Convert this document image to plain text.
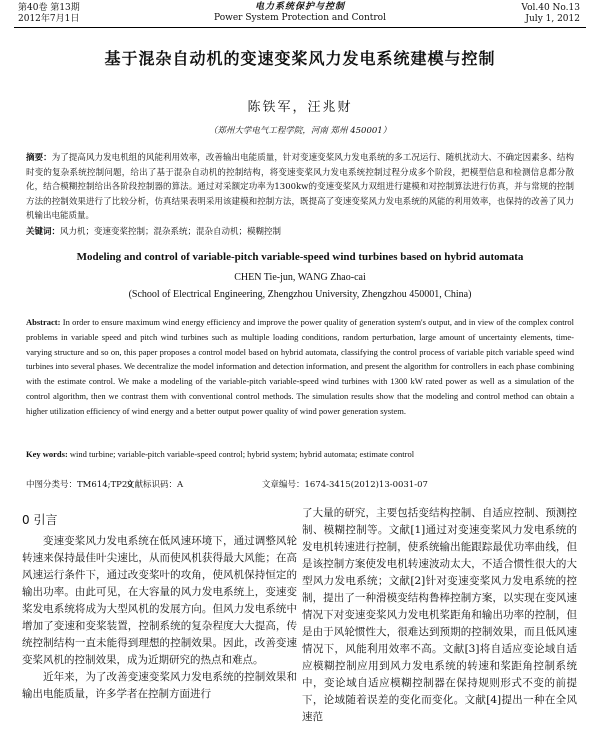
第40卷 第13期
2012年7月1日
电力系统保护与控制
Power System Protection and Control
Vol.40 No.13
July 1, 2012
基于混杂自动机的变速变桨风力发电系统建模与控制
陈铁军，汪兆财
（郑州大学电气工程学院，河南 郑州 450001）
摘要：为了提高风力发电机组的风能利用效率，改善输出电能质量，针对变速变桨风力发电系统的多工况运行、随机扰动大、不确定因素多、结构时变的复杂系统控制问题，给出了基于混杂自动机的控制结构，将变速变桨风力发电系统控制过程分成多个阶段，把模型信息和检测信息都分散化，结合模糊控制给出各阶段控制器的算法。通过对采额定功率为1300kw的变速变桨风力双组进行建模和对控制算法进行仿真，并与常规的控制方法的控制效果进行了比较分析，仿真结果表明采用该建模和控制方法，既提高了变速变桨风力发电系统的风能的利用效率，也保持的改善了风力机输出电能质量。
关键词：风力机；变速变桨控制；混杂系统；混杂自动机；模糊控制
Modeling and control of variable-pitch variable-speed wind turbines based on hybrid automata
CHEN Tie-jun, WANG Zhao-cai
(School of Electrical Engineering, Zhengzhou University, Zhengzhou 450001, China)
Abstract: In order to ensure maximum wind energy efficiency and improve the power quality of generation system's output, and in view of the complex control problems in variable speed and pitch wind turbines such as multiple loading conditions, random perturbation, large amount of uncertainty elements, time-varying structure and so on, this paper proposes a control model based on hybrid automata, classifying the control process of variable pitch variable speed wind turbines into several phases. We decentralize the model information and detection information, and present the algorithm for controllers in each phase combining with the estimate control. We make a modeling of the variable-pitch variable-speed wind turbines with 1300 kW rated power as well as a simulation of the control algorithm, then we contrast them with conventional control methods. The simulation results show that the modeling and control method can obtain a higher utilization efficiency of wind energy and a better output power quality of wind power generation system.
Key words: wind turbine; variable-pitch variable-speed control; hybrid system; hybrid automata; estimate control
中图分类号：TM614;TP29
文献标识码：A	文章编号：1674-3415(2012)13-0031-07
0 引言

变速变桨风力发电系统在低风速环境下，通过调整风轮转速来保持最佳叶尖速比，从而使风机获得最大风能；在高风速运行条件下，通过改变桨叶的攻角，使风机保持恒定的输出功率。由此可见，在大容量的风力发电系统上，变速变桨发电系统将成为大型风机的发展方向。但风力发电系统中增加了变速和变桨装置，控制系统的复杂程度大大提高，传统控制结构一直未能得到理想的控制效果。因此，改善变速变桨风机的控制效果，成为近期研究的热点和难点。

近年来，为了改善变速变桨风力发电系统的控制效果和输出电能质量，许多学者在控制方面进行

了大量的研究，主要包括变结构控制、自适应控制、预测控制、模糊控制等。文献[1]通过对变速变桨风力发电系统的发电机转速进行控制，使系统输出能跟踪最优功率曲线，但是该控制方案使发电机转速波动太大，不适合惯性很大的大型风力发电系统；文献[2]针对变速变桨风力发电系统的控制，提出了一种滑模变结构鲁棒控制方案，以实现在变风速情况下对变速变桨风力发电机桨距角和输出功率的控制，但是由于风轮惯性大，很难达到预期的控制效果，而且低风速情况下，风能利用效率不高。文献[3]将自适应变论域自适应模糊控制应用到风力发电系统的转速和桨距角控制系统中，变论域自适应模糊控制器在保持规则形式不变的前提下，论域随着误差的变化而变化。文献[4]提出一种在全风速范
